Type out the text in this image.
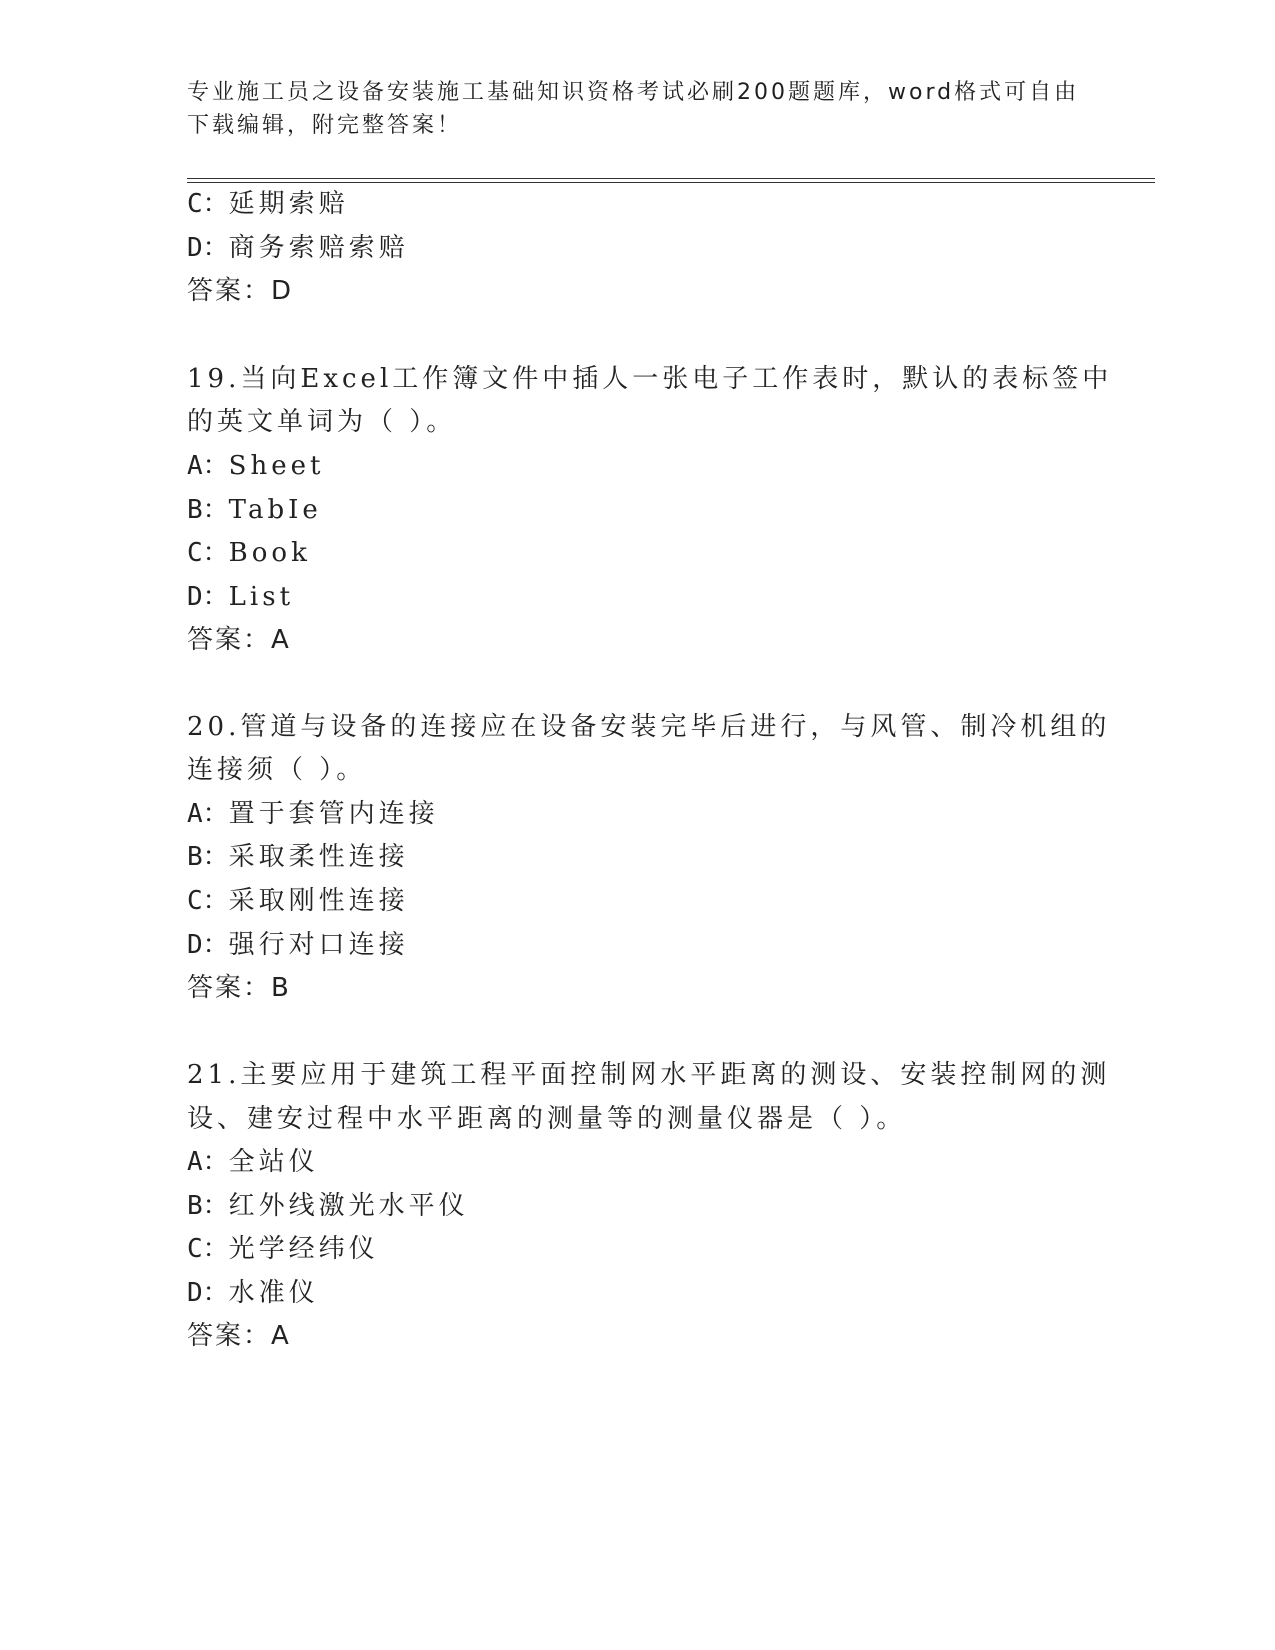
专业施工员之设备安装施工基础知识资格考试必刷200题题库，word格式可自由
下载编辑，附完整答案！
C：延期索赔
D：商务索赔索赔
答案：D
19.当向Excel工作簿文件中插人一张电子工作表时，默认的表标签中
的英文单词为（ ）。
A：Sheet
B：TabIe
C：Book
D：List
答案：A
20.管道与设备的连接应在设备安装完毕后进行，与风管、制冷机组的
连接须（ ）。
A：置于套管内连接
B：采取柔性连接
C：采取刚性连接
D：强行对口连接
答案：B
21.主要应用于建筑工程平面控制网水平距离的测设、安装控制网的测
设、建安过程中水平距离的测量等的测量仪器是（ ）。
A：全站仪
B：红外线激光水平仪
C：光学经纬仪
D：水准仪
答案：A
